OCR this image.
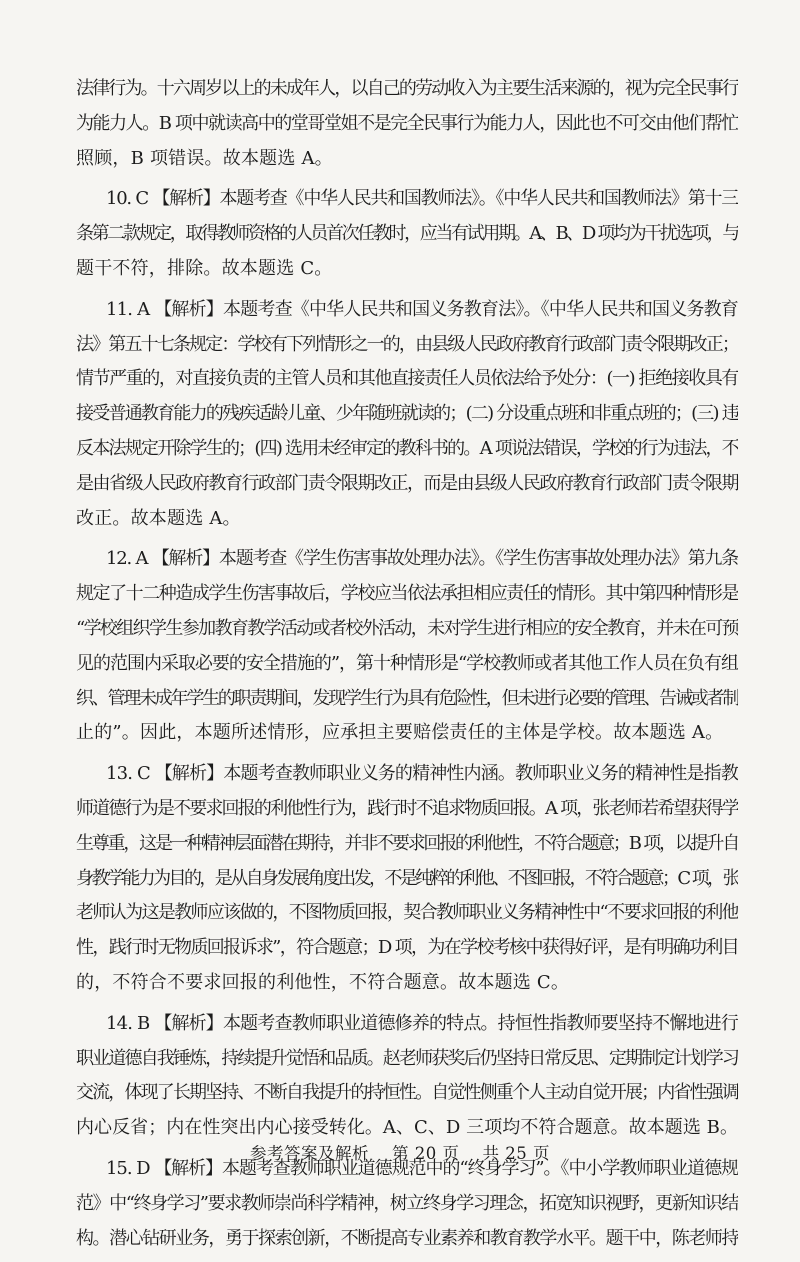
法律行为。十六周岁以上的未成年人，以自己的劳动收入为主要生活来源的，视为完全民事行
为能力人。B 项中就读高中的堂哥堂姐不是完全民事行为能力人，因此也不可交由他们帮忙
照顾，B 项错误。故本题选 A。
10. C 【解析】本题考查《中华人民共和国教师法》。《中华人民共和国教师法》第十三
条第二款规定，取得教师资格的人员首次任教时，应当有试用期。A、B、D 项均为干扰选项，与
题干不符，排除。故本题选 C。
11. A 【解析】本题考查《中华人民共和国义务教育法》。《中华人民共和国义务教育
法》第五十七条规定：学校有下列情形之一的，由县级人民政府教育行政部门责令限期改正；
情节严重的，对直接负责的主管人员和其他直接责任人员依法给予处分：(一) 拒绝接收具有
接受普通教育能力的残疾适龄儿童、少年随班就读的；(二) 分设重点班和非重点班的；(三) 违
反本法规定开除学生的；(四) 选用未经审定的教科书的。A 项说法错误，学校的行为违法，不
是由省级人民政府教育行政部门责令限期改正，而是由县级人民政府教育行政部门责令限期
改正。故本题选 A。
12. A 【解析】本题考查《学生伤害事故处理办法》。《学生伤害事故处理办法》第九条
规定了十二种造成学生伤害事故后，学校应当依法承担相应责任的情形。其中第四种情形是
“学校组织学生参加教育教学活动或者校外活动，未对学生进行相应的安全教育，并未在可预
见的范围内采取必要的安全措施的”，第十种情形是“学校教师或者其他工作人员在负有组
织、管理未成年学生的职责期间，发现学生行为具有危险性，但未进行必要的管理、告诫或者制
止的”。因此，本题所述情形，应承担主要赔偿责任的主体是学校。故本题选 A。
13. C 【解析】本题考查教师职业义务的精神性内涵。教师职业义务的精神性是指教
师道德行为是不要求回报的利他性行为，践行时不追求物质回报。A 项，张老师若希望获得学
生尊重，这是一种精神层面潜在期待，并非不要求回报的利他性，不符合题意；B 项，以提升自
身教学能力为目的，是从自身发展角度出发，不是纯粹的利他、不图回报，不符合题意；C 项，张
老师认为这是教师应该做的，不图物质回报，契合教师职业义务精神性中“不要求回报的利他
性，践行时无物质回报诉求”，符合题意；D 项，为在学校考核中获得好评，是有明确功利目
的，不符合不要求回报的利他性，不符合题意。故本题选 C。
14. B 【解析】本题考查教师职业道德修养的特点。持恒性指教师要坚持不懈地进行
职业道德自我锤炼，持续提升觉悟和品质。赵老师获奖后仍坚持日常反思、定期制定计划学习
交流，体现了长期坚持、不断自我提升的持恒性。自觉性侧重个人主动自觉开展；内省性强调
内心反省；内在性突出内心接受转化。A、C、D 三项均不符合题意。故本题选 B。
15. D 【解析】本题考查教师职业道德规范中的“终身学习”。《中小学教师职业道德规
范》中“终身学习”要求教师崇尚科学精神，树立终身学习理念，拓宽知识视野，更新知识结
构。潜心钻研业务，勇于探索创新，不断提高专业素养和教育教学水平。题干中，陈老师持
参考答案及解析 第 20 页 共 25 页
